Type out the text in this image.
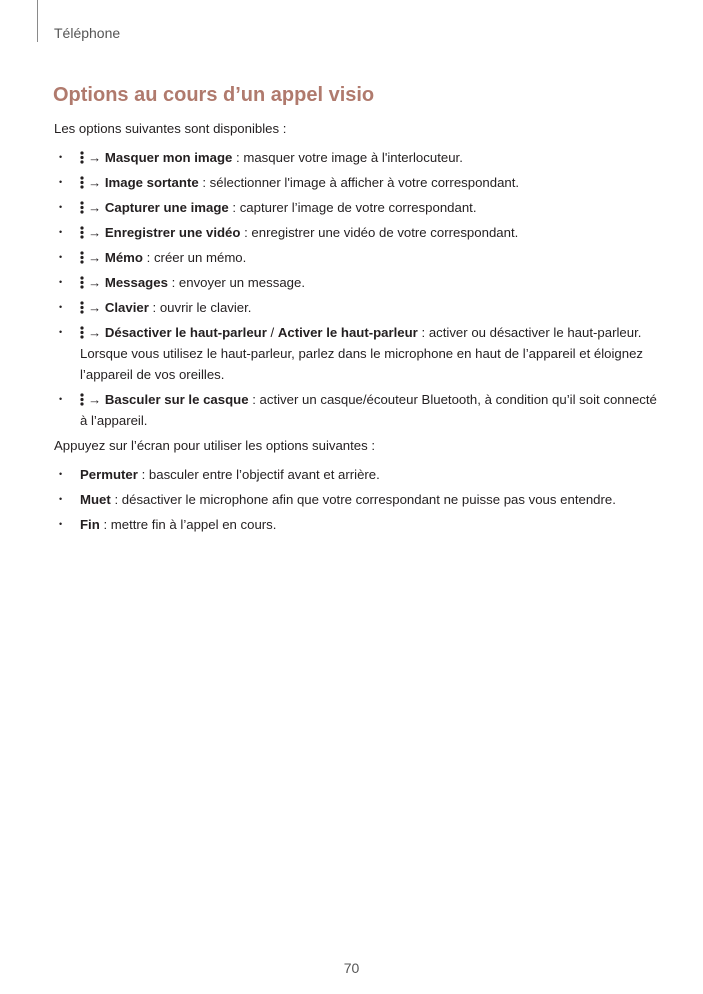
Téléphone
Options au cours d’un appel visio

Les options suivantes sont disponibles :

• → Masquer mon image : masquer votre image à l'interlocuteur.
• → Image sortante : sélectionner l'image à afficher à votre correspondant.
• → Capturer une image : capturer l’image de votre correspondant.
• → Enregistrer une vidéo : enregistrer une vidéo de votre correspondant.
• → Mémo : créer un mémo.
• → Messages : envoyer un message.
• → Clavier : ouvrir le clavier.
• → Désactiver le haut-parleur / Activer le haut-parleur : activer ou désactiver le haut-parleur. Lorsque vous utilisez le haut-parleur, parlez dans le microphone en haut de l’appareil et éloignez l’appareil de vos oreilles.
• → Basculer sur le casque : activer un casque/écouteur Bluetooth, à condition qu’il soit connecté à l’appareil.

Appuyez sur l’écran pour utiliser les options suivantes :

• Permuter : basculer entre l’objectif avant et arrière.
• Muet : désactiver le microphone afin que votre correspondant ne puisse pas vous entendre.
• Fin : mettre fin à l’appel en cours.
70
